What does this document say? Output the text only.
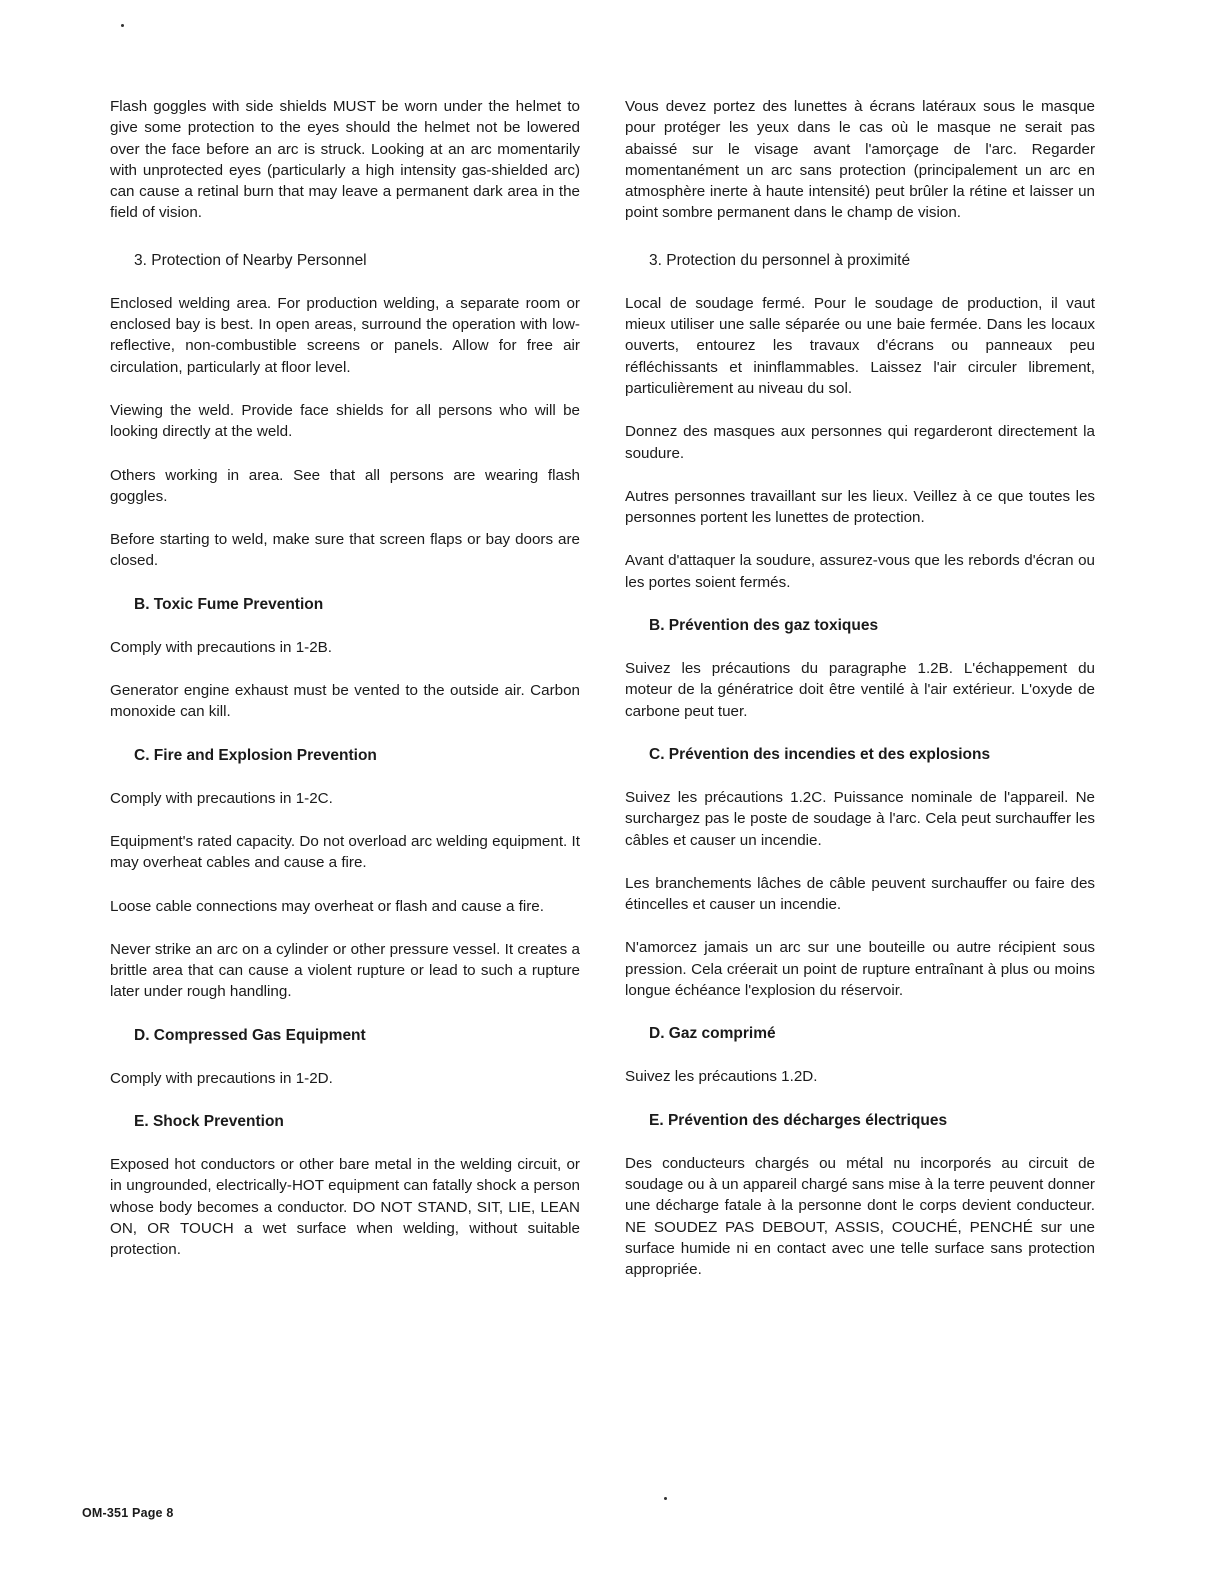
Flash goggles with side shields MUST be worn under the helmet to give some protection to the eyes should the helmet not be lowered over the face before an arc is struck. Looking at an arc momentarily with unprotected eyes (particularly a high intensity gas-shielded arc) can cause a retinal burn that may leave a permanent dark area in the field of vision.

3. Protection of Nearby Personnel

Enclosed welding area. For production welding, a separate room or enclosed bay is best. In open areas, surround the operation with low-reflective, non-combustible screens or panels. Allow for free air circulation, particularly at floor level.

Viewing the weld. Provide face shields for all persons who will be looking directly at the weld.

Others working in area. See that all persons are wearing flash goggles.

Before starting to weld, make sure that screen flaps or bay doors are closed.

B. Toxic Fume Prevention

Comply with precautions in 1-2B.

Generator engine exhaust must be vented to the outside air. Carbon monoxide can kill.

C. Fire and Explosion Prevention

Comply with precautions in 1-2C.

Equipment's rated capacity. Do not overload arc welding equipment. It may overheat cables and cause a fire.

Loose cable connections may overheat or flash and cause a fire.

Never strike an arc on a cylinder or other pressure vessel. It creates a brittle area that can cause a violent rupture or lead to such a rupture later under rough handling.

D. Compressed Gas Equipment

Comply with precautions in 1-2D.

E. Shock Prevention

Exposed hot conductors or other bare metal in the welding circuit, or in ungrounded, electrically-HOT equipment can fatally shock a person whose body becomes a conductor. DO NOT STAND, SIT, LIE, LEAN ON, OR TOUCH a wet surface when welding, without suitable protection.

Vous devez portez des lunettes à écrans latéraux sous le masque pour protéger les yeux dans le cas où le masque ne serait pas abaissé sur le visage avant l'amorçage de l'arc. Regarder momentanément un arc sans protection (principalement un arc en atmosphère inerte à haute intensité) peut brûler la rétine et laisser un point sombre permanent dans le champ de vision.

3. Protection du personnel à proximité

Local de soudage fermé. Pour le soudage de production, il vaut mieux utiliser une salle séparée ou une baie fermée. Dans les locaux ouverts, entourez les travaux d'écrans ou panneaux peu réfléchissants et ininflammables. Laissez l'air circuler librement, particulièrement au niveau du sol.

Donnez des masques aux personnes qui regarderont directement la soudure.

Autres personnes travaillant sur les lieux. Veillez à ce que toutes les personnes portent les lunettes de protection.

Avant d'attaquer la soudure, assurez-vous que les rebords d'écran ou les portes soient fermés.

B. Prévention des gaz toxiques

Suivez les précautions du paragraphe 1.2B. L'échappement du moteur de la génératrice doit être ventilé à l'air extérieur. L'oxyde de carbone peut tuer.

C. Prévention des incendies et des explosions

Suivez les précautions 1.2C. Puissance nominale de l'appareil. Ne surchargez pas le poste de soudage à l'arc. Cela peut surchauffer les câbles et causer un incendie.

Les branchements lâches de câble peuvent surchauffer ou faire des étincelles et causer un incendie.

N'amorcez jamais un arc sur une bouteille ou autre récipient sous pression. Cela créerait un point de rupture entraînant à plus ou moins longue échéance l'explosion du réservoir.

D. Gaz comprimé

Suivez les précautions 1.2D.

E. Prévention des décharges électriques

Des conducteurs chargés ou métal nu incorporés au circuit de soudage ou à un appareil chargé sans mise à la terre peuvent donner une décharge fatale à la personne dont le corps devient conducteur. NE SOUDEZ PAS DEBOUT, ASSIS, COUCHÉ, PENCHÉ sur une surface humide ni en contact avec une telle surface sans protection appropriée.

OM-351 Page 8
